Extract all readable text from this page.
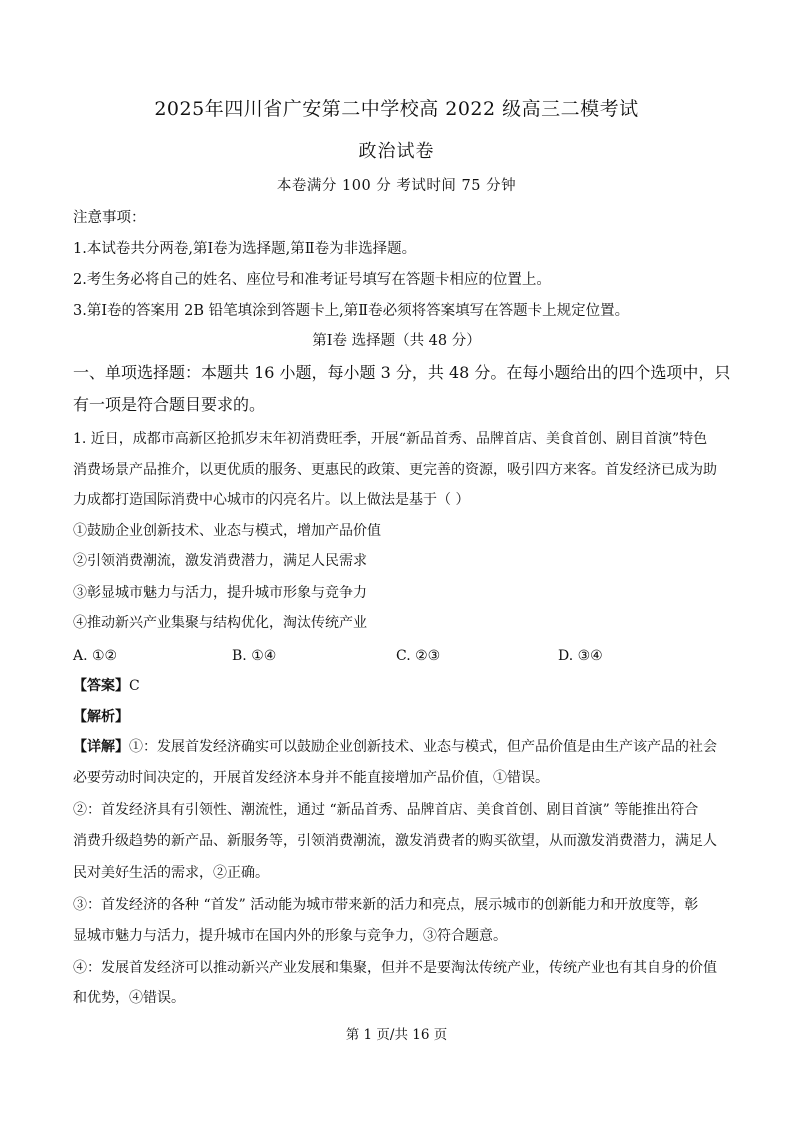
2025年四川省广安第二中学校高 2022 级高三二模考试
政治试卷
本卷满分 100 分 考试时间 75 分钟
注意事项：
1.本试卷共分两卷,第Ⅰ卷为选择题,第Ⅱ卷为非选择题。
2.考生务必将自己的姓名、座位号和准考证号填写在答题卡相应的位置上。
3.第Ⅰ卷的答案用 2B 铅笔填涂到答题卡上,第Ⅱ卷必须将答案填写在答题卡上规定位置。
第Ⅰ卷 选择题（共 48 分）
一、单项选择题：本题共 16 小题，每小题 3 分，共 48 分。在每小题给出的四个选项中，只
有一项是符合题目要求的。
1. 近日，成都市高新区抢抓岁末年初消费旺季，开展“新品首秀、品牌首店、美食首创、剧目首演”特色
消费场景产品推介，以更优质的服务、更惠民的政策、更完善的资源，吸引四方来客。首发经济已成为助
力成都打造国际消费中心城市的闪亮名片。以上做法是基于（ ）
①鼓励企业创新技术、业态与模式，增加产品价值
②引领消费潮流，激发消费潜力，满足人民需求
③彰显城市魅力与活力，提升城市形象与竞争力
④推动新兴产业集聚与结构优化，淘汰传统产业
A. ①②	B. ①④	C. ②③	D. ③④
【答案】C
【解析】
【详解】①：发展首发经济确实可以鼓励企业创新技术、业态与模式，但产品价值是由生产该产品的社会
必要劳动时间决定的，开展首发经济本身并不能直接增加产品价值，①错误。
②：首发经济具有引领性、潮流性，通过 “新品首秀、品牌首店、美食首创、剧目首演” 等能推出符合
消费升级趋势的新产品、新服务等，引领消费潮流，激发消费者的购买欲望，从而激发消费潜力，满足人
民对美好生活的需求，②正确。
③：首发经济的各种 “首发” 活动能为城市带来新的活力和亮点，展示城市的创新能力和开放度等，彰
显城市魅力与活力，提升城市在国内外的形象与竞争力，③符合题意。
④：发展首发经济可以推动新兴产业发展和集聚，但并不是要淘汰传统产业，传统产业也有其自身的价值
和优势，④错误。
第 1 页/共 16 页
